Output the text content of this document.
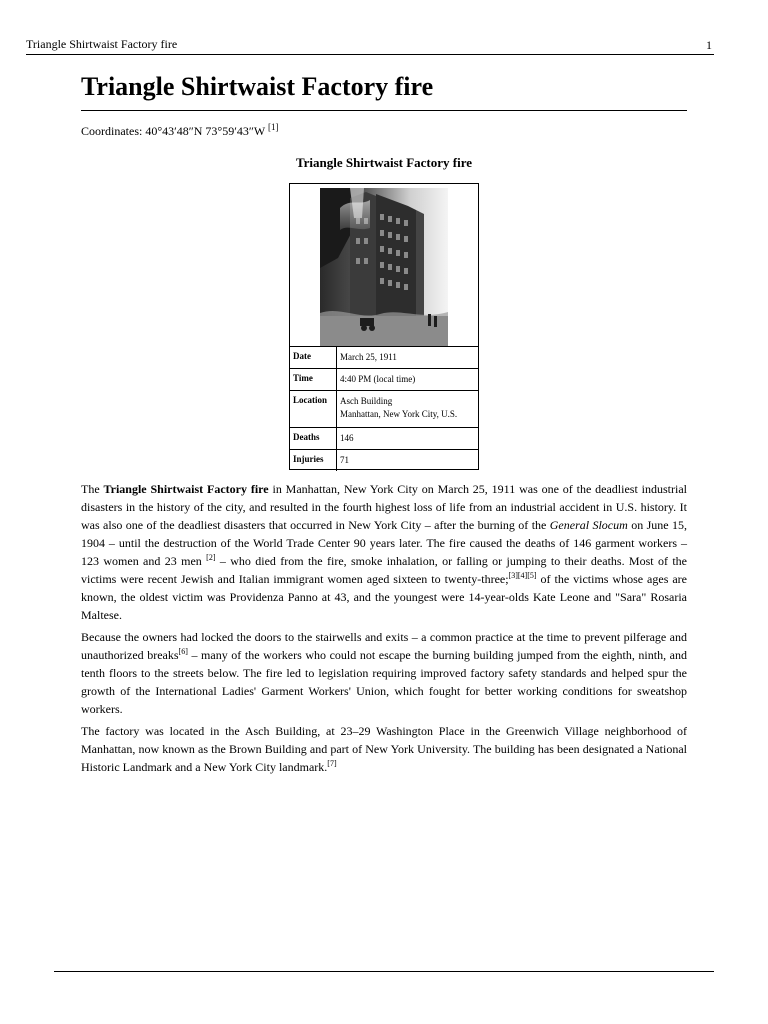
Triangle Shirtwaist Factory fire	1
Triangle Shirtwaist Factory fire
Coordinates: 40°43′48″N 73°59′43″W [1]
Triangle Shirtwaist Factory fire
Date	March 25, 1911
Time	4:40 PM (local time)
Location Asch Building
Manhattan, New York City, U.S.
Deaths 146
Injuries 71

The Triangle Shirtwaist Factory fire in Manhattan, New York City on March 25, 1911 was one of the deadliest industrial disasters in the history of the city, and resulted in the fourth highest loss of life from an industrial accident in U.S. history. It was also one of the deadliest disasters that occurred in New York City – after the burning of the General Slocum on June 15, 1904 – until the destruction of the World Trade Center 90 years later. The fire caused the deaths of 146 garment workers – 123 women and 23 men [2] – who died from the fire, smoke inhalation, or falling or jumping to their deaths. Most of the victims were recent Jewish and Italian immigrant women aged sixteen to twenty-three;[3][4][5] of the victims whose ages are known, the oldest victim was Providenza Panno at 43, and the youngest were 14-year-olds Kate Leone and "Sara" Rosaria Maltese.

Because the owners had locked the doors to the stairwells and exits – a common practice at the time to prevent pilferage and unauthorized breaks[6] – many of the workers who could not escape the burning building jumped from the eighth, ninth, and tenth floors to the streets below. The fire led to legislation requiring improved factory safety standards and helped spur the growth of the International Ladies' Garment Workers' Union, which fought for better working conditions for sweatshop workers.

The factory was located in the Asch Building, at 23–29 Washington Place in the Greenwich Village neighborhood of Manhattan, now known as the Brown Building and part of New York University. The building has been designated a National Historic Landmark and a New York City landmark.[7]
